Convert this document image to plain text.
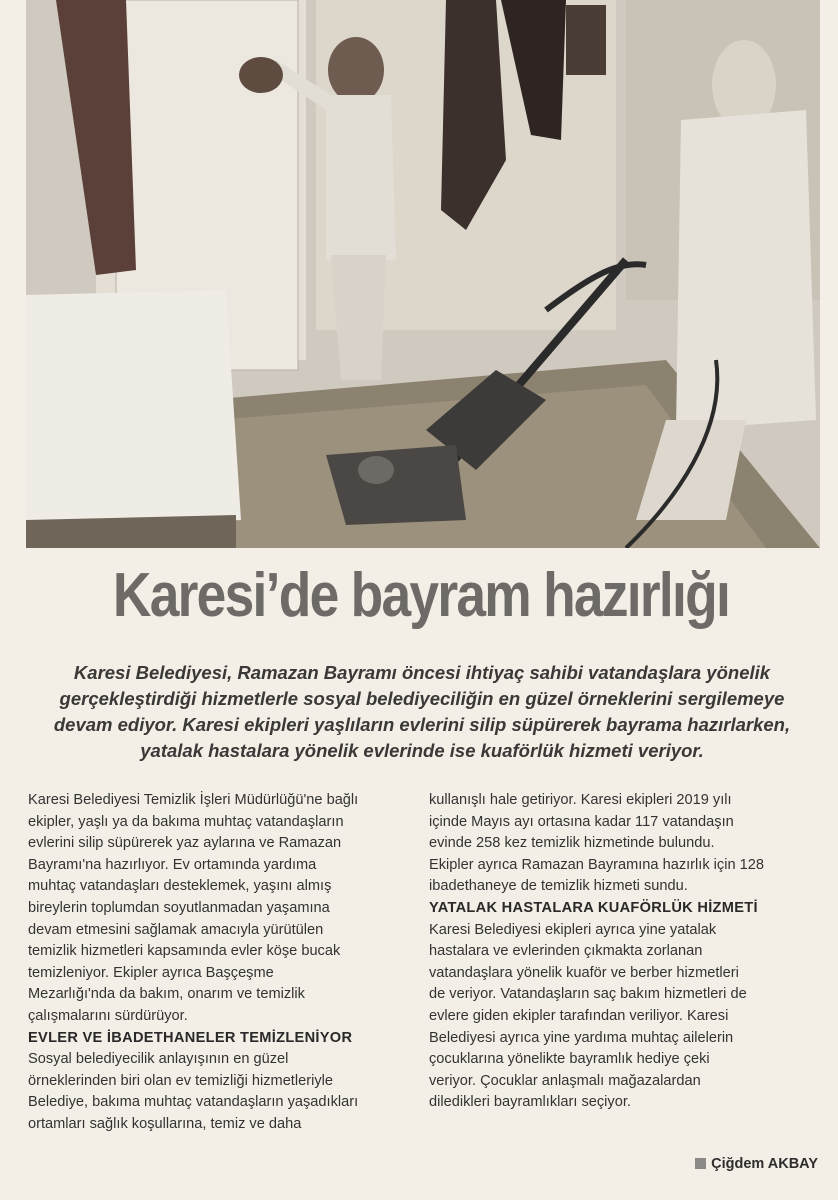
Karesi’de bayram hazırlığı
Karesi Belediyesi, Ramazan Bayramı öncesi ihtiyaç sahibi vatandaşlara yönelik
gerçekleştirdiği hizmetlerle sosyal belediyeciliğin en güzel örneklerini sergilemeye
devam ediyor. Karesi ekipleri yaşlıların evlerini silip süpürerek bayrama hazırlarken,
yatalak hastalara yönelik evlerinde ise kuaförlük hizmeti veriyor.
Karesi Belediyesi Temizlik İşleri Müdürlüğü'ne bağlı
ekipler, yaşlı ya da bakıma muhtaç vatandaşların
evlerini silip süpürerek yaz aylarına ve Ramazan
Bayramı'na hazırlıyor. Ev ortamında yardıma
muhtaç vatandaşları desteklemek, yaşını almış
bireylerin toplumdan soyutlanmadan yaşamına
devam etmesini sağlamak amacıyla yürütülen
temizlik hizmetleri kapsamında evler köşe bucak
temizleniyor. Ekipler ayrıca Başçeşme
Mezarlığı'nda da bakım, onarım ve temizlik
çalışmalarını sürdürüyor.
EVLER VE İBADETHANELER TEMİZLENİYOR
Sosyal belediyecilik anlayışının en güzel
örneklerinden biri olan ev temizliği hizmetleriyle
Belediye, bakıma muhtaç vatandaşların yaşadıkları
ortamları sağlık koşullarına, temiz ve daha
kullanışlı hale getiriyor. Karesi ekipleri 2019 yılı
içinde Mayıs ayı ortasına kadar 117 vatandaşın
evinde 258 kez temizlik hizmetinde bulundu.
Ekipler ayrıca Ramazan Bayramına hazırlık için 128
ibadethaneye de temizlik hizmeti sundu.
YATALAK HASTALARA KUAFÖRLÜK HİZMETİ
Karesi Belediyesi ekipleri ayrıca yine yatalak
hastalara ve evlerinden çıkmakta zorlanan
vatandaşlara yönelik kuaför ve berber hizmetleri
de veriyor. Vatandaşların saç bakım hizmetleri de
evlere giden ekipler tarafından veriliyor. Karesi
Belediyesi ayrıca yine yardıma muhtaç ailelerin
çocuklarına yönelikte bayramlık hediye çeki
veriyor. Çocuklar anlaşmalı mağazalardan
diledikleri bayramlıkları seçiyor.
Çiğdem AKBAY
